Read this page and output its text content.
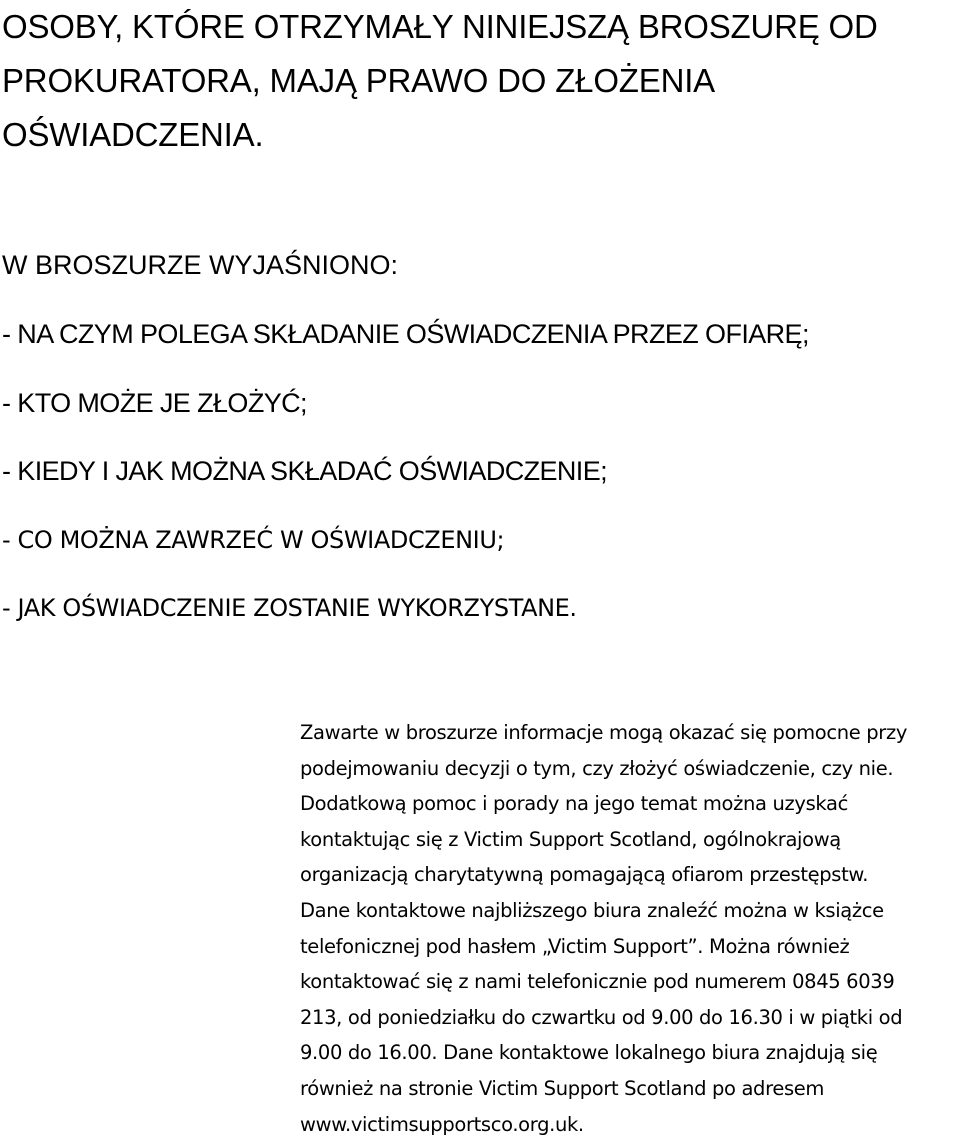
OSOBY, KTÓRE OTRZYMAŁY NINIEJSZĄ BROSZURĘ OD
PROKURATORA, MAJĄ PRAWO DO ZŁOŻENIA
OŚWIADCZENIA.
W BROSZURZE WYJAŚNIONO:
- NA CZYM POLEGA SKŁADANIE OŚWIADCZENIA PRZEZ OFIARĘ;
- KTO MOŻE JE ZŁOŻYĆ;
- KIEDY I JAK MOŻNA SKŁADAĆ OŚWIADCZENIE;
- CO MOŻNA ZAWRZEĆ W OŚWIADCZENIU;
- JAK OŚWIADCZENIE ZOSTANIE WYKORZYSTANE.

Zawarte w broszurze informacje mogą okazać się pomocne przy
podejmowaniu decyzji o tym, czy złożyć oświadczenie, czy nie.
Dodatkową pomoc i porady na jego temat można uzyskać
kontaktując się z Victim Support Scotland, ogólnokrajową
organizacją charytatywną pomagającą ofiarom przestępstw.
Dane kontaktowe najbliższego biura znaleźć można w książce
telefonicznej pod hasłem „Victim Support”. Można również
kontaktować się z nami telefonicznie pod numerem 0845 6039
213, od poniedziałku do czwartku od 9.00 do 16.30 i w piątki od
9.00 do 16.00. Dane kontaktowe lokalnego biura znajdują się
również na stronie Victim Support Scotland po adresem
www.victimsupportsco.org.uk.
